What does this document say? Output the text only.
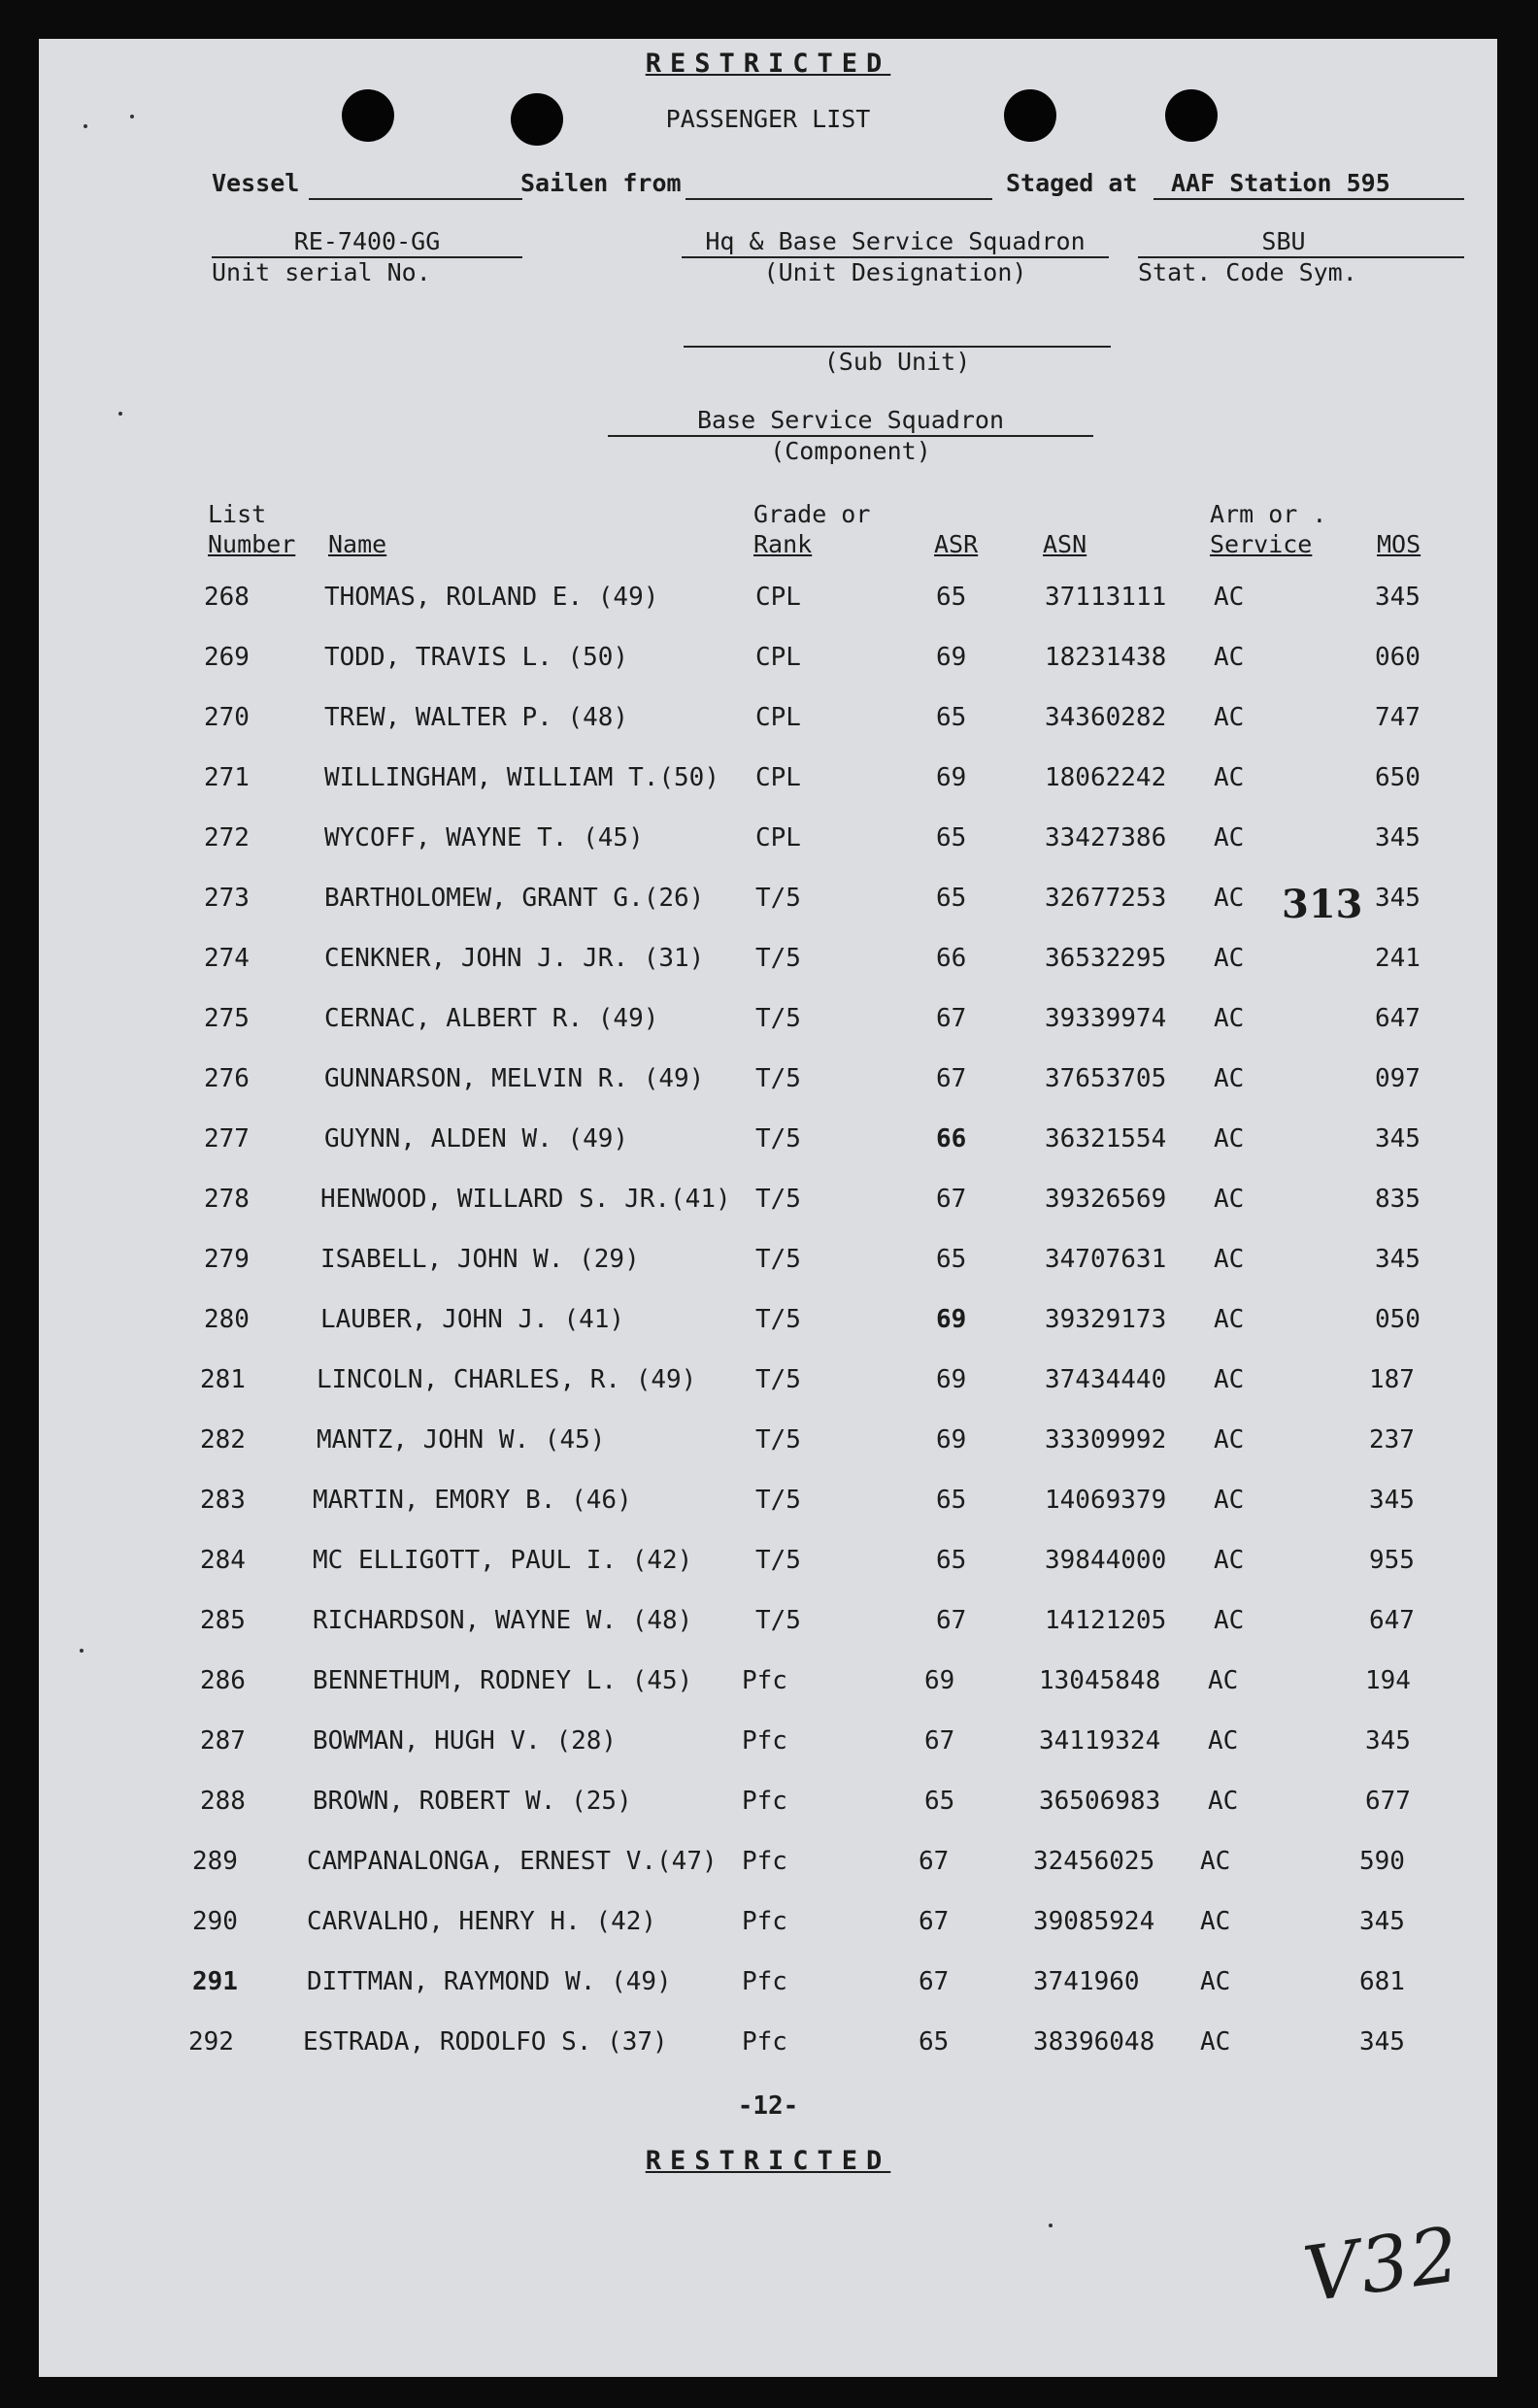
RESTRICTED
PASSENGER LIST
Vessel	Sailen from	Staged at AAF Station 595
RE-7400-GG
Unit serial No.
Hq & Base Service Squadron
(Unit Designation)
SBU
Stat. Code Sym.
(Sub Unit)
Base Service Squadron
(Component)
List
Number Name
Grade or
Rank	ASR	ASN
Arm or .
Service	MOS
268	THOMAS, ROLAND E. (49)	CPL	65	37113111 AC	345
269	TODD, TRAVIS L. (50)	CPL	69	18231438 AC	060
270	TREW, WALTER P. (48)	CPL	65	34360282 AC	747
271	WILLINGHAM, WILLIAM T.(50) CPL	69	18062242 AC	650
272	WYCOFF, WAYNE T. (45)	CPL	65	33427386 AC	345
273	BARTHOLOMEW, GRANT G.(26) T/5	65	32677253 AC	345
274	CENKNER, JOHN J. JR. (31) T/5	66	36532295 AC	241
275	CERNAC, ALBERT R. (49)	T/5	67	39339974 AC	647
276	GUNNARSON, MELVIN R. (49) T/5	67	37653705 AC	097
277	GUYNN, ALDEN W. (49)	T/5	66	36321554 AC	345
278	HENWOOD, WILLARD S. JR.(41) T/5	67	39326569 AC	835
279	ISABELL, JOHN W. (29)	T/5	65	34707631 AC	345
280	LAUBER, JOHN J. (41)	T/5	69	39329173 AC	050
281	LINCOLN, CHARLES, R. (49) T/5	69	37434440 AC	187
282	MANTZ, JOHN W. (45)	T/5	69	33309992 AC	237
283	MARTIN, EMORY B. (46)	T/5	65	14069379 AC	345
284	MC ELLIGOTT, PAUL I. (42) T/5	65	39844000 AC	955
285	RICHARDSON, WAYNE W. (48) T/5	67	14121205 AC	647
286	BENNETHUM, RODNEY L. (45) Pfc	69	13045848 AC	194
287	BOWMAN, HUGH V. (28)	Pfc	67	34119324 AC	345
288	BROWN, ROBERT W. (25)	Pfc	65	36506983 AC	677
289	CAMPANALONGA, ERNEST V.(47) Pfc	67	32456025 AC	590
290	CARVALHO, HENRY H. (42)	Pfc	67	39085924 AC	345
291	DITTMAN, RAYMOND W. (49)	Pfc	67	3741960 AC	681
292	ESTRADA, RODOLFO S. (37)	Pfc	65	38396048 AC	345
313
V32
-12-
RESTRICTED
